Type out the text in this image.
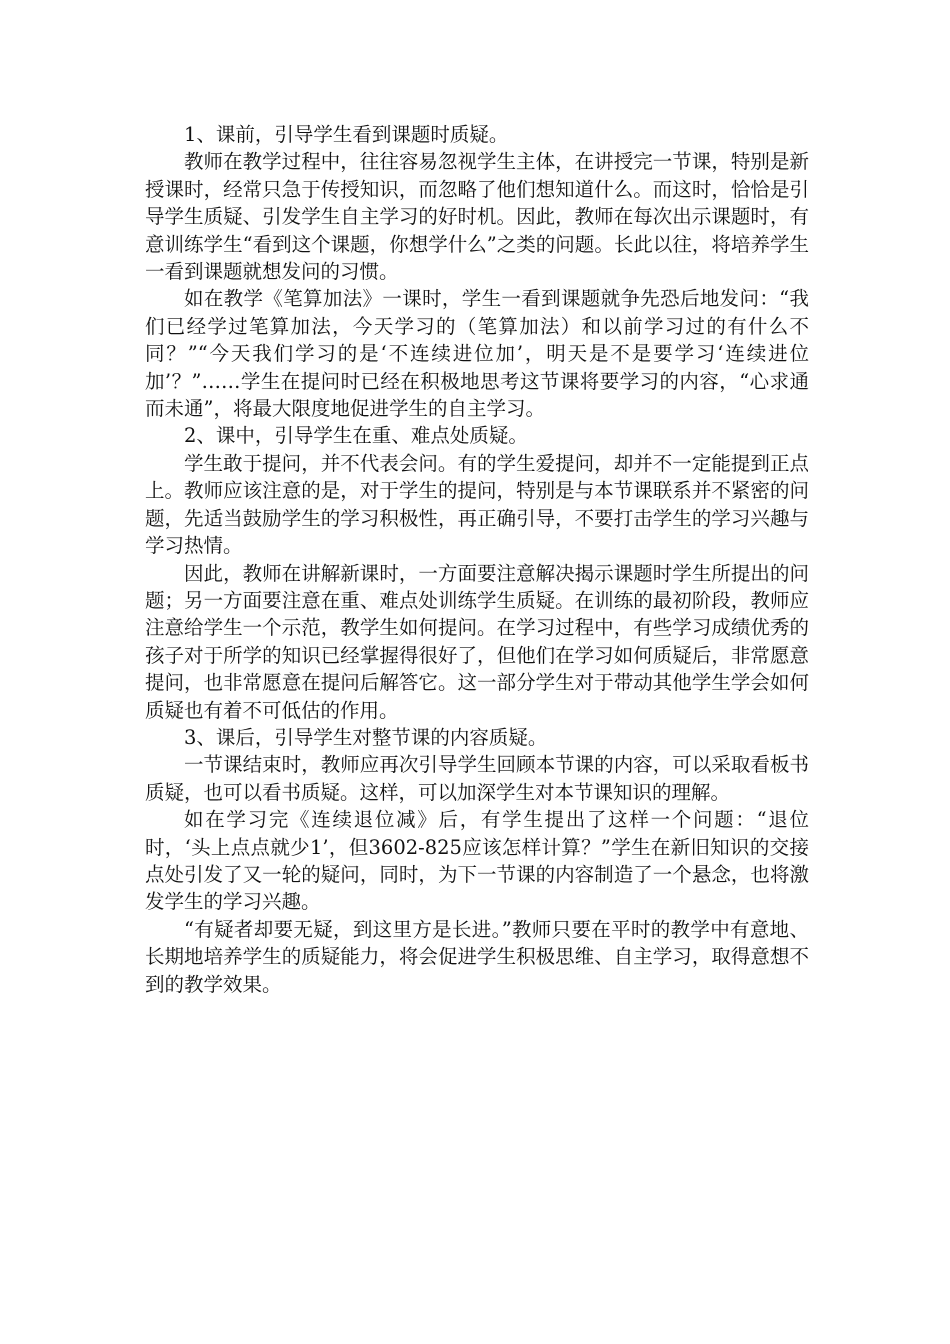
1、课前，引导学生看到课题时质疑。

教师在教学过程中，往往容易忽视学生主体，在讲授完一节课，特别是新授课时，经常只急于传授知识，而忽略了他们想知道什么。而这时，恰恰是引导学生质疑、引发学生自主学习的好时机。因此，教师在每次出示课题时，有意训练学生“看到这个课题，你想学什么”之类的问题。长此以往，将培养学生一看到课题就想发问的习惯。

如在教学《笔算加法》一课时，学生一看到课题就争先恐后地发问：“我们已经学过笔算加法，今天学习的（笔算加法）和以前学习过的有什么不同？”“今天我们学习的是‘不连续进位加’，明天是不是要学习‘连续进位加’？”……学生在提问时已经在积极地思考这节课将要学习的内容，“心求通而未通”，将最大限度地促进学生的自主学习。

2、课中，引导学生在重、难点处质疑。

学生敢于提问，并不代表会问。有的学生爱提问，却并不一定能提到正点上。教师应该注意的是，对于学生的提问，特别是与本节课联系并不紧密的问题，先适当鼓励学生的学习积极性，再正确引导，不要打击学生的学习兴趣与学习热情。

因此，教师在讲解新课时，一方面要注意解决揭示课题时学生所提出的问题；另一方面要注意在重、难点处训练学生质疑。在训练的最初阶段，教师应注意给学生一个示范，教学生如何提问。在学习过程中，有些学习成绩优秀的孩子对于所学的知识已经掌握得很好了，但他们在学习如何质疑后，非常愿意提问，也非常愿意在提问后解答它。这一部分学生对于带动其他学生学会如何质疑也有着不可低估的作用。

3、课后，引导学生对整节课的内容质疑。

一节课结束时，教师应再次引导学生回顾本节课的内容，可以采取看板书质疑，也可以看书质疑。这样，可以加深学生对本节课知识的理解。

如在学习完《连续退位减》后，有学生提出了这样一个问题：“退位时，‘头上点点就少1’，但3602-825应该怎样计算？”学生在新旧知识的交接点处引发了又一轮的疑问，同时，为下一节课的内容制造了一个悬念，也将激发学生的学习兴趣。

“有疑者却要无疑，到这里方是长进。”教师只要在平时的教学中有意地、长期地培养学生的质疑能力，将会促进学生积极思维、自主学习，取得意想不到的教学效果。
